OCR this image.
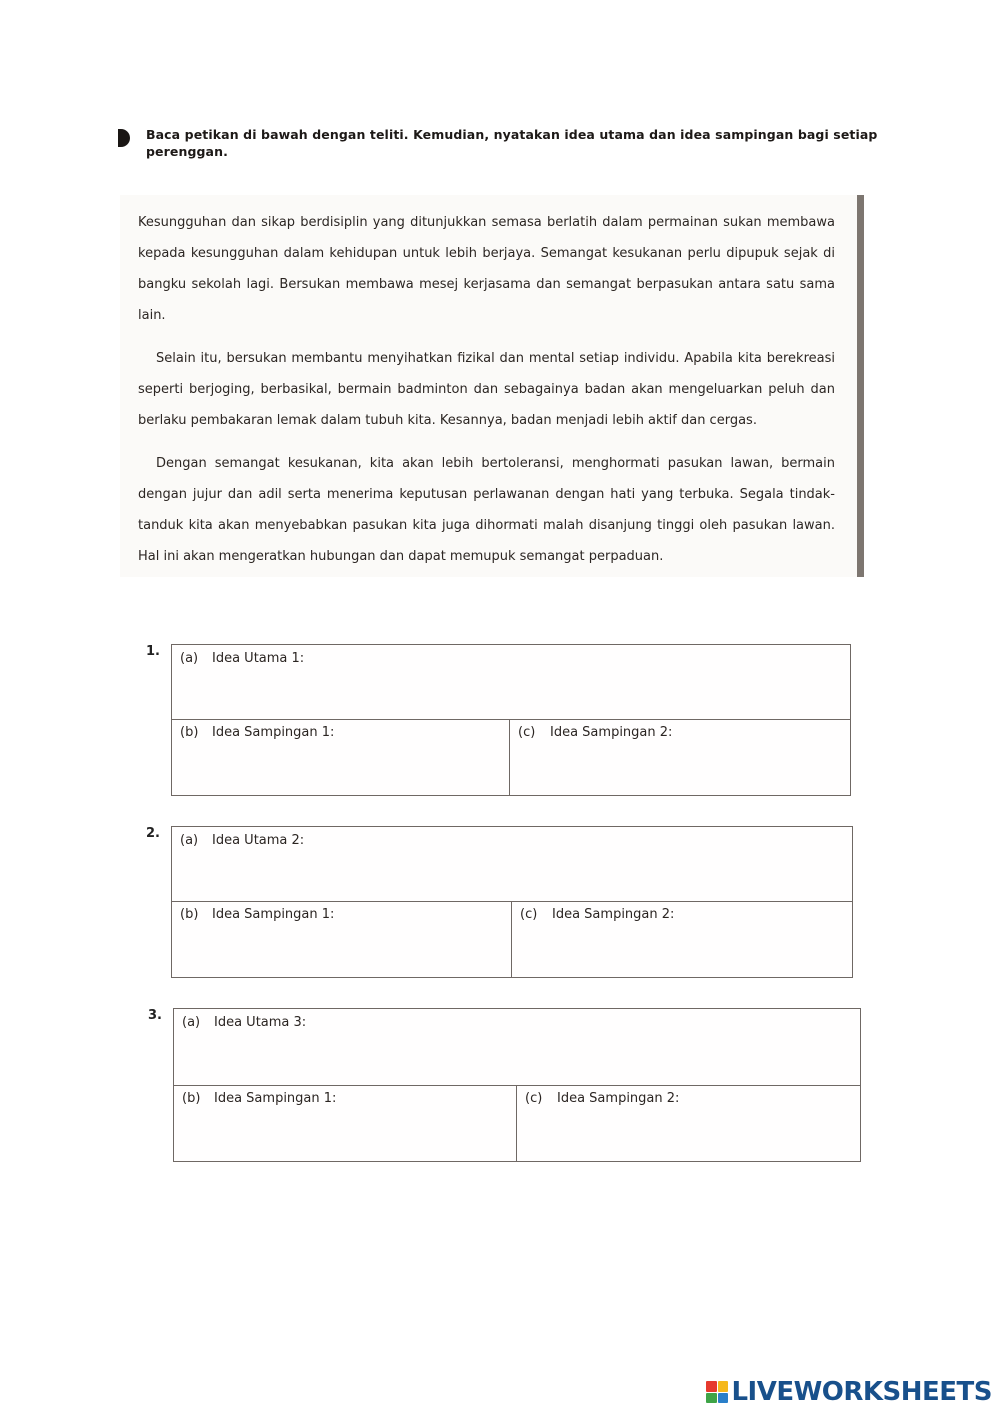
Baca petikan di bawah dengan teliti. Kemudian, nyatakan idea utama dan idea sampingan bagi setiap perenggan.

Kesungguhan dan sikap berdisiplin yang ditunjukkan semasa berlatih dalam permainan sukan membawa kepada kesungguhan dalam kehidupan untuk lebih berjaya. Semangat kesukanan perlu dipupuk sejak di bangku sekolah lagi. Bersukan membawa mesej kerjasama dan semangat berpasukan antara satu sama lain.

Selain itu, bersukan membantu menyihatkan fizikal dan mental setiap individu. Apabila kita berekreasi seperti berjoging, berbasikal, bermain badminton dan sebagainya badan akan mengeluarkan peluh dan berlaku pembakaran lemak dalam tubuh kita. Kesannya, badan menjadi lebih aktif dan cergas.

Dengan semangat kesukanan, kita akan lebih bertoleransi, menghormati pasukan lawan, bermain dengan jujur dan adil serta menerima keputusan perlawanan dengan hati yang terbuka. Segala tindak-tanduk kita akan menyebabkan pasukan kita juga dihormati malah disanjung tinggi oleh pasukan lawan. Hal ini akan mengeratkan hubungan dan dapat memupuk semangat perpaduan.

1.	(a) Idea Utama 1:
(b) Idea Sampingan 1:	(c) Idea Sampingan 2:
2.	(a) Idea Utama 2:
(b) Idea Sampingan 1:	(c) Idea Sampingan 2:
3.	(a) Idea Utama 3:
(b) Idea Sampingan 1:	(c) Idea Sampingan 2:
LIVEWORKSHEETS
